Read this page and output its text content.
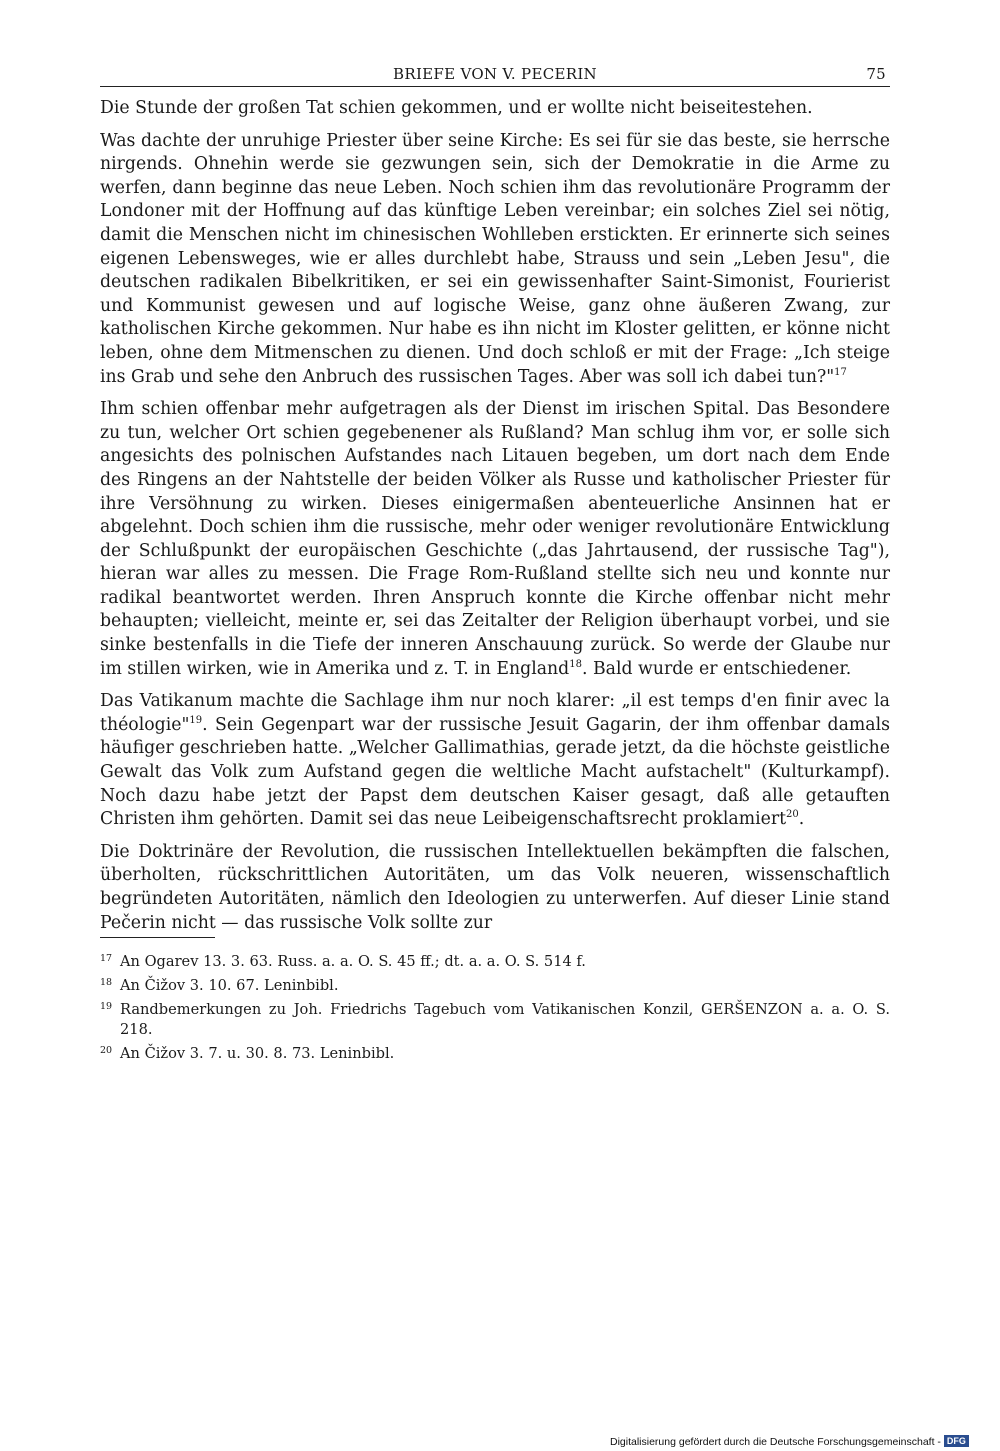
BRIEFE VON V. PECERIN	75

Die Stunde der großen Tat schien gekommen, und er wollte nicht beiseitestehen.

Was dachte der unruhige Priester über seine Kirche: Es sei für sie das beste, sie herrsche nirgends. Ohnehin werde sie gezwungen sein, sich der Demokratie in die Arme zu werfen, dann beginne das neue Leben. Noch schien ihm das revolutionäre Programm der Londoner mit der Hoffnung auf das künftige Leben vereinbar; ein solches Ziel sei nötig, damit die Menschen nicht im chinesischen Wohlleben erstickten. Er erinnerte sich seines eigenen Lebensweges, wie er alles durchlebt habe, Strauss und sein „Leben Jesu", die deutschen radikalen Bibelkritiken, er sei ein gewissenhafter Saint-Simonist, Fourierist und Kommunist gewesen und auf logische Weise, ganz ohne äußeren Zwang, zur katholischen Kirche gekommen. Nur habe es ihn nicht im Kloster gelitten, er könne nicht leben, ohne dem Mitmenschen zu dienen. Und doch schloß er mit der Frage: „Ich steige ins Grab und sehe den Anbruch des russischen Tages. Aber was soll ich dabei tun?"$^{17}$

Ihm schien offenbar mehr aufgetragen als der Dienst im irischen Spital. Das Besondere zu tun, welcher Ort schien gegebenener als Rußland? Man schlug ihm vor, er solle sich angesichts des polnischen Aufstandes nach Litauen begeben, um dort nach dem Ende des Ringens an der Nahtstelle der beiden Völker als Russe und katholischer Priester für ihre Versöhnung zu wirken. Dieses einigermaßen abenteuerliche Ansinnen hat er abgelehnt. Doch schien ihm die russische, mehr oder weniger revolutionäre Entwicklung der Schlußpunkt der europäischen Geschichte („das Jahrtausend, der russische Tag"), hieran war alles zu messen. Die Frage Rom-Rußland stellte sich neu und konnte nur radikal beantwortet werden. Ihren Anspruch konnte die Kirche offenbar nicht mehr behaupten; vielleicht, meinte er, sei das Zeitalter der Religion überhaupt vorbei, und sie sinke bestenfalls in die Tiefe der inneren Anschauung zurück. So werde der Glaube nur im stillen wirken, wie in Amerika und z. T. in England$^{18}$. Bald wurde er entschiedener.

Das Vatikanum machte die Sachlage ihm nur noch klarer: „il est temps d'en finir avec la théologie"$^{19}$. Sein Gegenpart war der russische Jesuit Gagarin, der ihm offenbar damals häufiger geschrieben hatte. „Welcher Gallimathias, gerade jetzt, da die höchste geistliche Gewalt das Volk zum Aufstand gegen die weltliche Macht aufstachelt" (Kulturkampf). Noch dazu habe jetzt der Papst dem deutschen Kaiser gesagt, daß alle getauften Christen ihm gehörten. Damit sei das neue Leibeigenschaftsrecht proklamiert$^{20}$.

Die Doktrinäre der Revolution, die russischen Intellektuellen bekämpften die falschen, überholten, rückschrittlichen Autoritäten, um das Volk neueren, wissenschaftlich begründeten Autoritäten, nämlich den Ideologien zu unterwerfen. Auf dieser Linie stand Pečerin nicht — das russische Volk sollte zur

17 An Ogarev 13. 3. 63. Russ. a. a. O. S. 45 ff.; dt. a. a. O. S. 514 f.
18 An Čižov 3. 10. 67. Leninbibl.
19 Randbemerkungen zu Joh. Friedrichs Tagebuch vom Vatikanischen Konzil, GERŠENZON a. a. O. S. 218.
20 An Čižov 3. 7. u. 30. 8. 73. Leninbibl.
Digitalisierung gefördert durch die Deutsche Forschungsgemeinschaft - DFG
